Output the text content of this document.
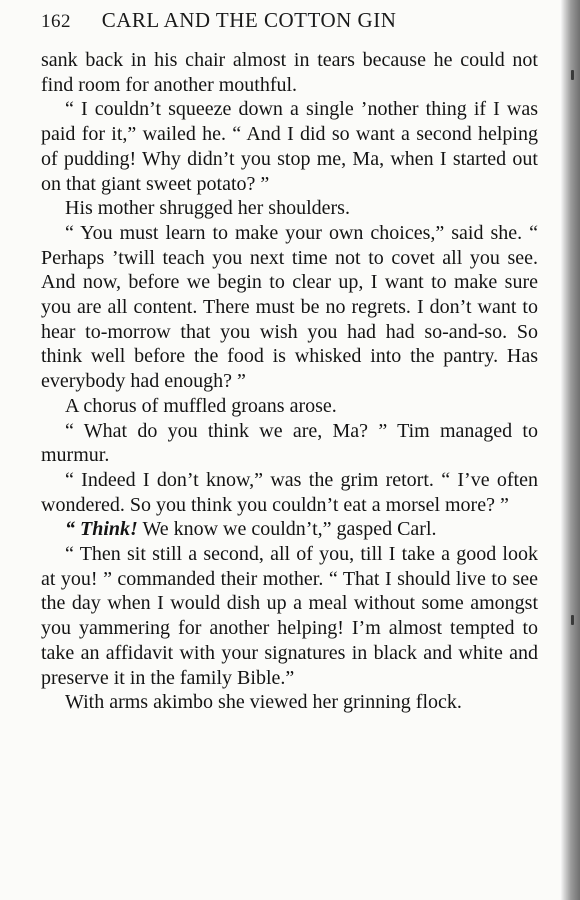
162 CARL AND THE COTTON GIN

sank back in his chair almost in tears because he could not find room for another mouthful.

“ I couldn’t squeeze down a single ’nother thing if I was paid for it,” wailed he. “ And I did so want a second helping of pudding! Why didn’t you stop me, Ma, when I started out on that giant sweet potato? ”

His mother shrugged her shoulders.

“ You must learn to make your own choices,” said she. “ Perhaps ’twill teach you next time not to covet all you see. And now, before we begin to clear up, I want to make sure you are all content. There must be no regrets. I don’t want to hear to-morrow that you wish you had had so-and-so. So think well before the food is whisked into the pantry. Has everybody had enough? ”

A chorus of muffled groans arose.

“ What do you think we are, Ma? ” Tim managed to murmur.

“ Indeed I don’t know,” was the grim retort. “ I’ve often wondered. So you think you couldn’t eat a morsel more? ”

“ Think! We know we couldn’t,” gasped Carl.

“ Then sit still a second, all of you, till I take a good look at you! ” commanded their mother. “ That I should live to see the day when I would dish up a meal without some amongst you yammering for another helping! I’m almost tempted to take an affidavit with your signatures in black and white and preserve it in the family Bible.”

With arms akimbo she viewed her grinning flock.
